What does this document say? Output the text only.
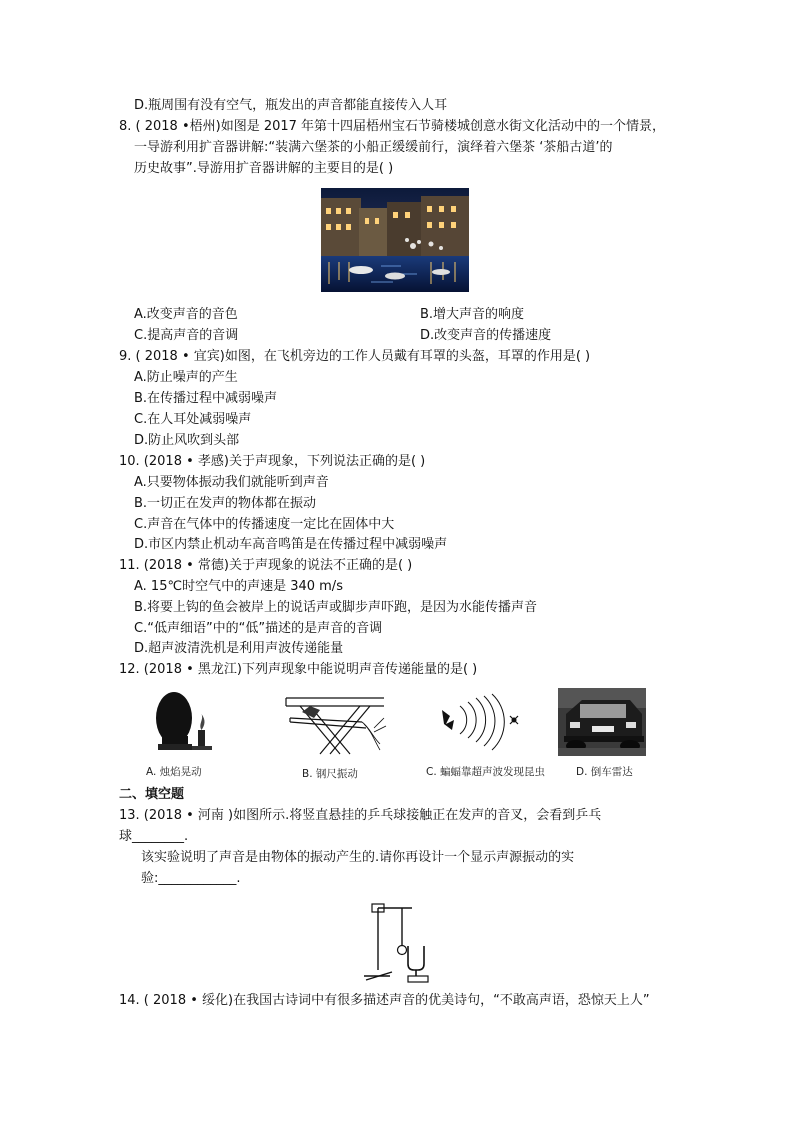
D.瓶周围有没有空气，瓶发出的声音都能直接传入人耳
8. ( 2018 •梧州)如图是 2017 年第十四届梧州宝石节骑楼城创意水街文化活动中的一个情景，
一导游利用扩音器讲解:“装满六堡茶的小船正缓缓前行，演绎着六堡茶 ‘茶船古道’的
历史故事”.导游用扩音器讲解的主要目的是( )
A.改变声音的音色	B.增大声音的响度
C.提高声音的音调	D.改变声音的传播速度
9. ( 2018 • 宜宾)如图，在飞机旁边的工作人员戴有耳罩的头盔，耳罩的作用是( )
A.防止噪声的产生
B.在传播过程中减弱噪声
C.在人耳处减弱噪声
D.防止风吹到头部
10. (2018 • 孝感)关于声现象，下列说法正确的是( )
A.只要物体振动我们就能听到声音
B.一切正在发声的物体都在振动
C.声音在气体中的传播速度一定比在固体中大
D.市区内禁止机动车高音鸣笛是在传播过程中减弱噪声
11. (2018 • 常德)关于声现象的说法不正确的是( )
A. 15℃时空气中的声速是 340 m/s
B.将要上钩的鱼会被岸上的说话声或脚步声吓跑，是因为水能传播声音
C.“低声细语”中的“低”描述的是声音的音调
D.超声波清洗机是利用声波传递能量
12. (2018 • 黑龙江)下列声现象中能说明声音传递能量的是( )
A. 烛焰晃动	B. 钢尺振动	C. 蝙蝠靠超声波发现昆虫	D. 倒车雷达
二、填空题
13. (2018 • 河南 )如图所示.将竖直悬挂的乒乓球接触正在发声的音叉，会看到乒乓
球________.
该实验说明了声音是由物体的振动产生的.请你再设计一个显示声源振动的实
验:____________.
14. ( 2018 • 绥化)在我国古诗词中有很多描述声音的优美诗句，“不敢高声语，恐惊天上人”
